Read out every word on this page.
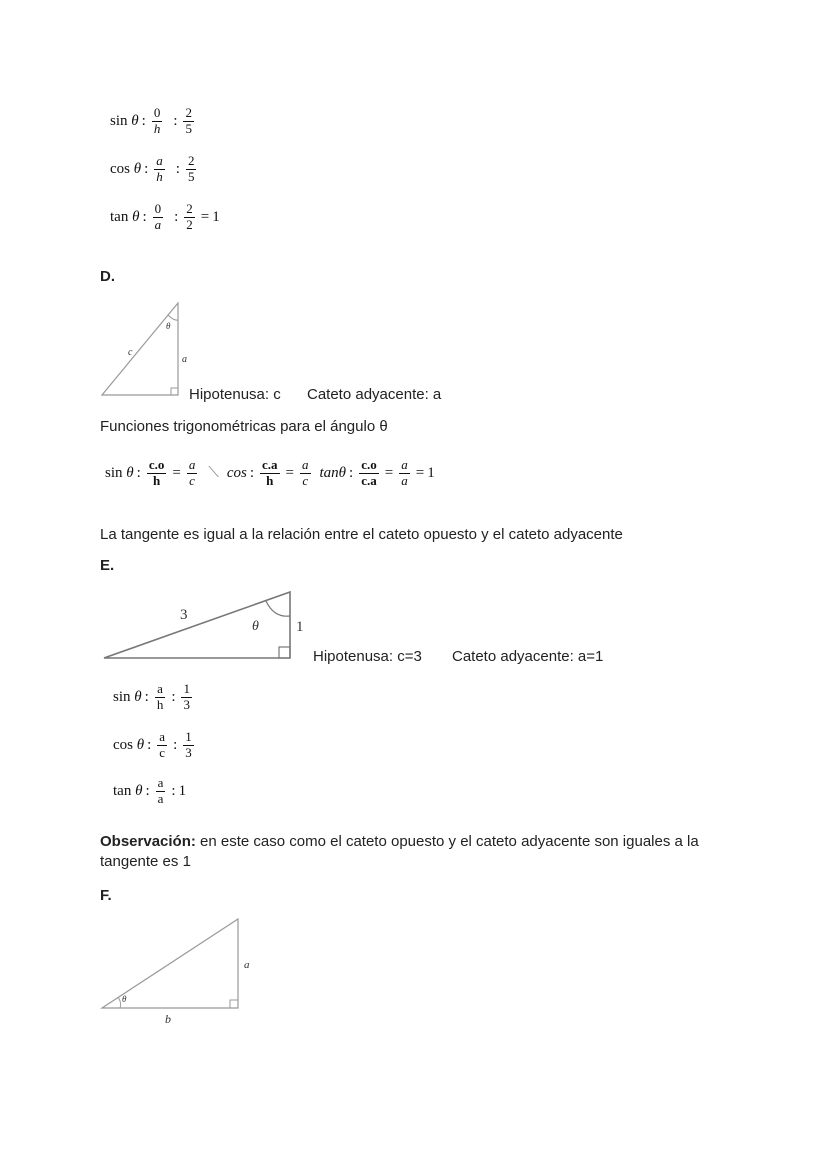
sin
θ : $\frac{0}{h}$ : $\frac{2}{5}$
cos
θ : $\frac{a}{h}$ : $\frac{2}{5}$
tan
θ : $\frac{0}{a}$ : $\frac{2}{2} = 1$
D.
c
a
θ
Hipotenusa: c Cateto adyacente: a
Funciones trigonométricas para el ángulo θ
sin
θ : $\frac{c.o}{h} = \frac{a}{c}$ ⟍ cos : $\frac{c.a}{h} = \frac{a}{c}$ tanθ : $\frac{c.o}{c.a} = \frac{a}{a} = 1$
La tangente es igual a la relación entre el cateto opuesto y el cateto adyacente
E.
3
1
θ
Hipotenusa: c=3 Cateto adyacente: a=1
sin
θ : $\frac{a}{h}$ : $\frac{1}{3}$
cos
θ : $\frac{a}{c}$ : $\frac{1}{3}$
tan
θ : $\frac{a}{a}$ : 1
Observación: en este caso como el cateto opuesto y el cateto adyacente son iguales a la tangente es 1
F.
θ
a
b
